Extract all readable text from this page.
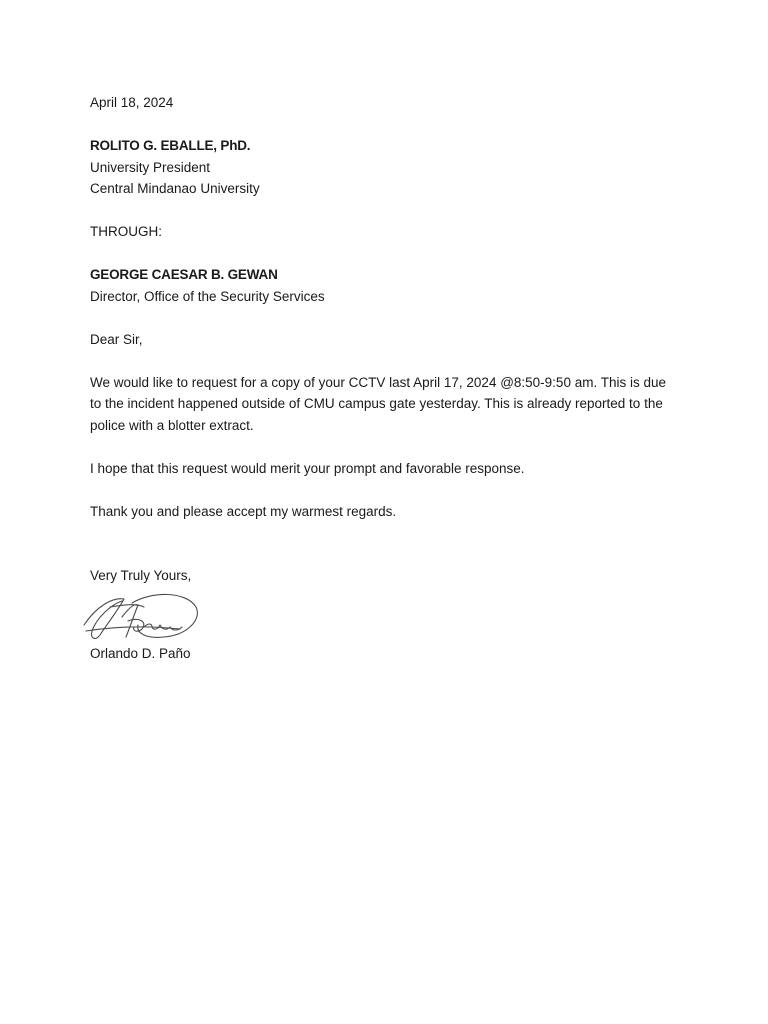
April 18, 2024

ROLITO G. EBALLE, PhD.

University President

Central Mindanao University

THROUGH:

GEORGE CAESAR B. GEWAN

Director, Office of the Security Services

Dear Sir,

We would like to request for a copy of your CCTV last April 17, 2024 @8:50-9:50 am. This is due to the incident happened outside of CMU campus gate yesterday. This is already reported to the police with a blotter extract.

I hope that this request would merit your prompt and favorable response.

Thank you and please accept my warmest regards.

Very Truly Yours,

Orlando D. Paño
